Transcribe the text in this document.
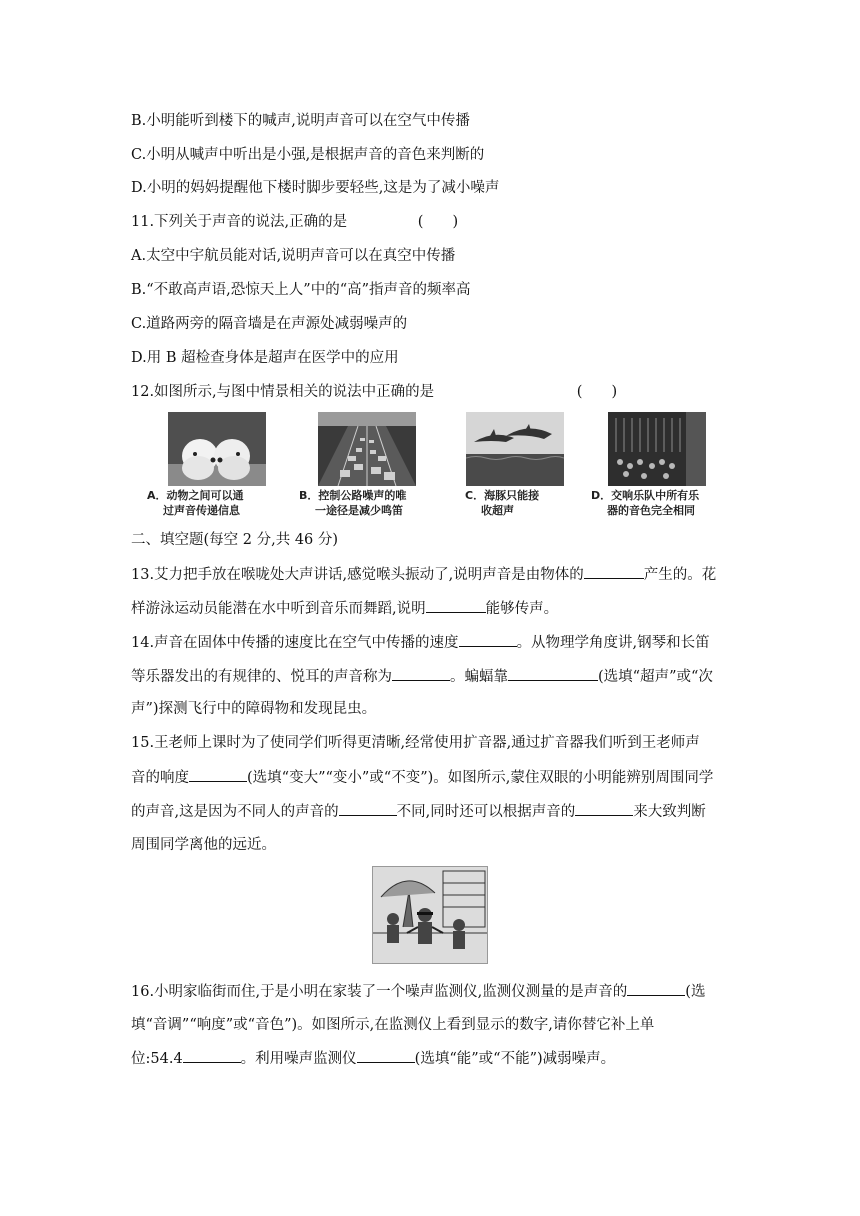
B.小明能听到楼下的喊声,说明声音可以在空气中传播
C.小明从喊声中听出是小强,是根据声音的音色来判断的
D.小明的妈妈提醒他下楼时脚步要轻些,这是为了减小噪声
11.下列关于声音的说法,正确的是	(　　)
A.太空中宇航员能对话,说明声音可以在真空中传播
B.“不敢高声语,恐惊天上人”中的“高”指声音的频率高
C.道路两旁的隔音墙是在声源处减弱噪声的
D.用 B 超检查身体是超声在医学中的应用
12.如图所示,与图中情景相关的说法中正确的是	(　　)
A．动物之间可以通
过声音传递信息
B．控制公路噪声的唯
一途径是减少鸣笛
C．海豚只能接
收超声
D．交响乐队中所有乐
器的音色完全相同
二、填空题(每空 2 分,共 46 分)
13.艾力把手放在喉咙处大声讲话,感觉喉头振动了,说明声音是由物体的	产生的。花
样游泳运动员能潜在水中听到音乐而舞蹈,说明	能够传声。
14.声音在固体中传播的速度比在空气中传播的速度	。从物理学角度讲,钢琴和长笛
等乐器发出的有规律的、悦耳的声音称为	。蝙蝠靠	(选填“超声”或“次
声”)探测飞行中的障碍物和发现昆虫。
15.王老师上课时为了使同学们听得更清晰,经常使用扩音器,通过扩音器我们听到王老师声
音的响度	(选填“变大”“变小”或“不变”)。如图所示,蒙住双眼的小明能辨别周围同学
的声音,这是因为不同人的声音的	不同,同时还可以根据声音的	来大致判断
周围同学离他的远近。
16.小明家临街而住,于是小明在家装了一个噪声监测仪,监测仪测量的是声音的	(选
填“音调”“响度”或“音色”)。如图所示,在监测仪上看到显示的数字,请你替它补上单
位:54.4	。利用噪声监测仪	(选填“能”或“不能”)减弱噪声。
